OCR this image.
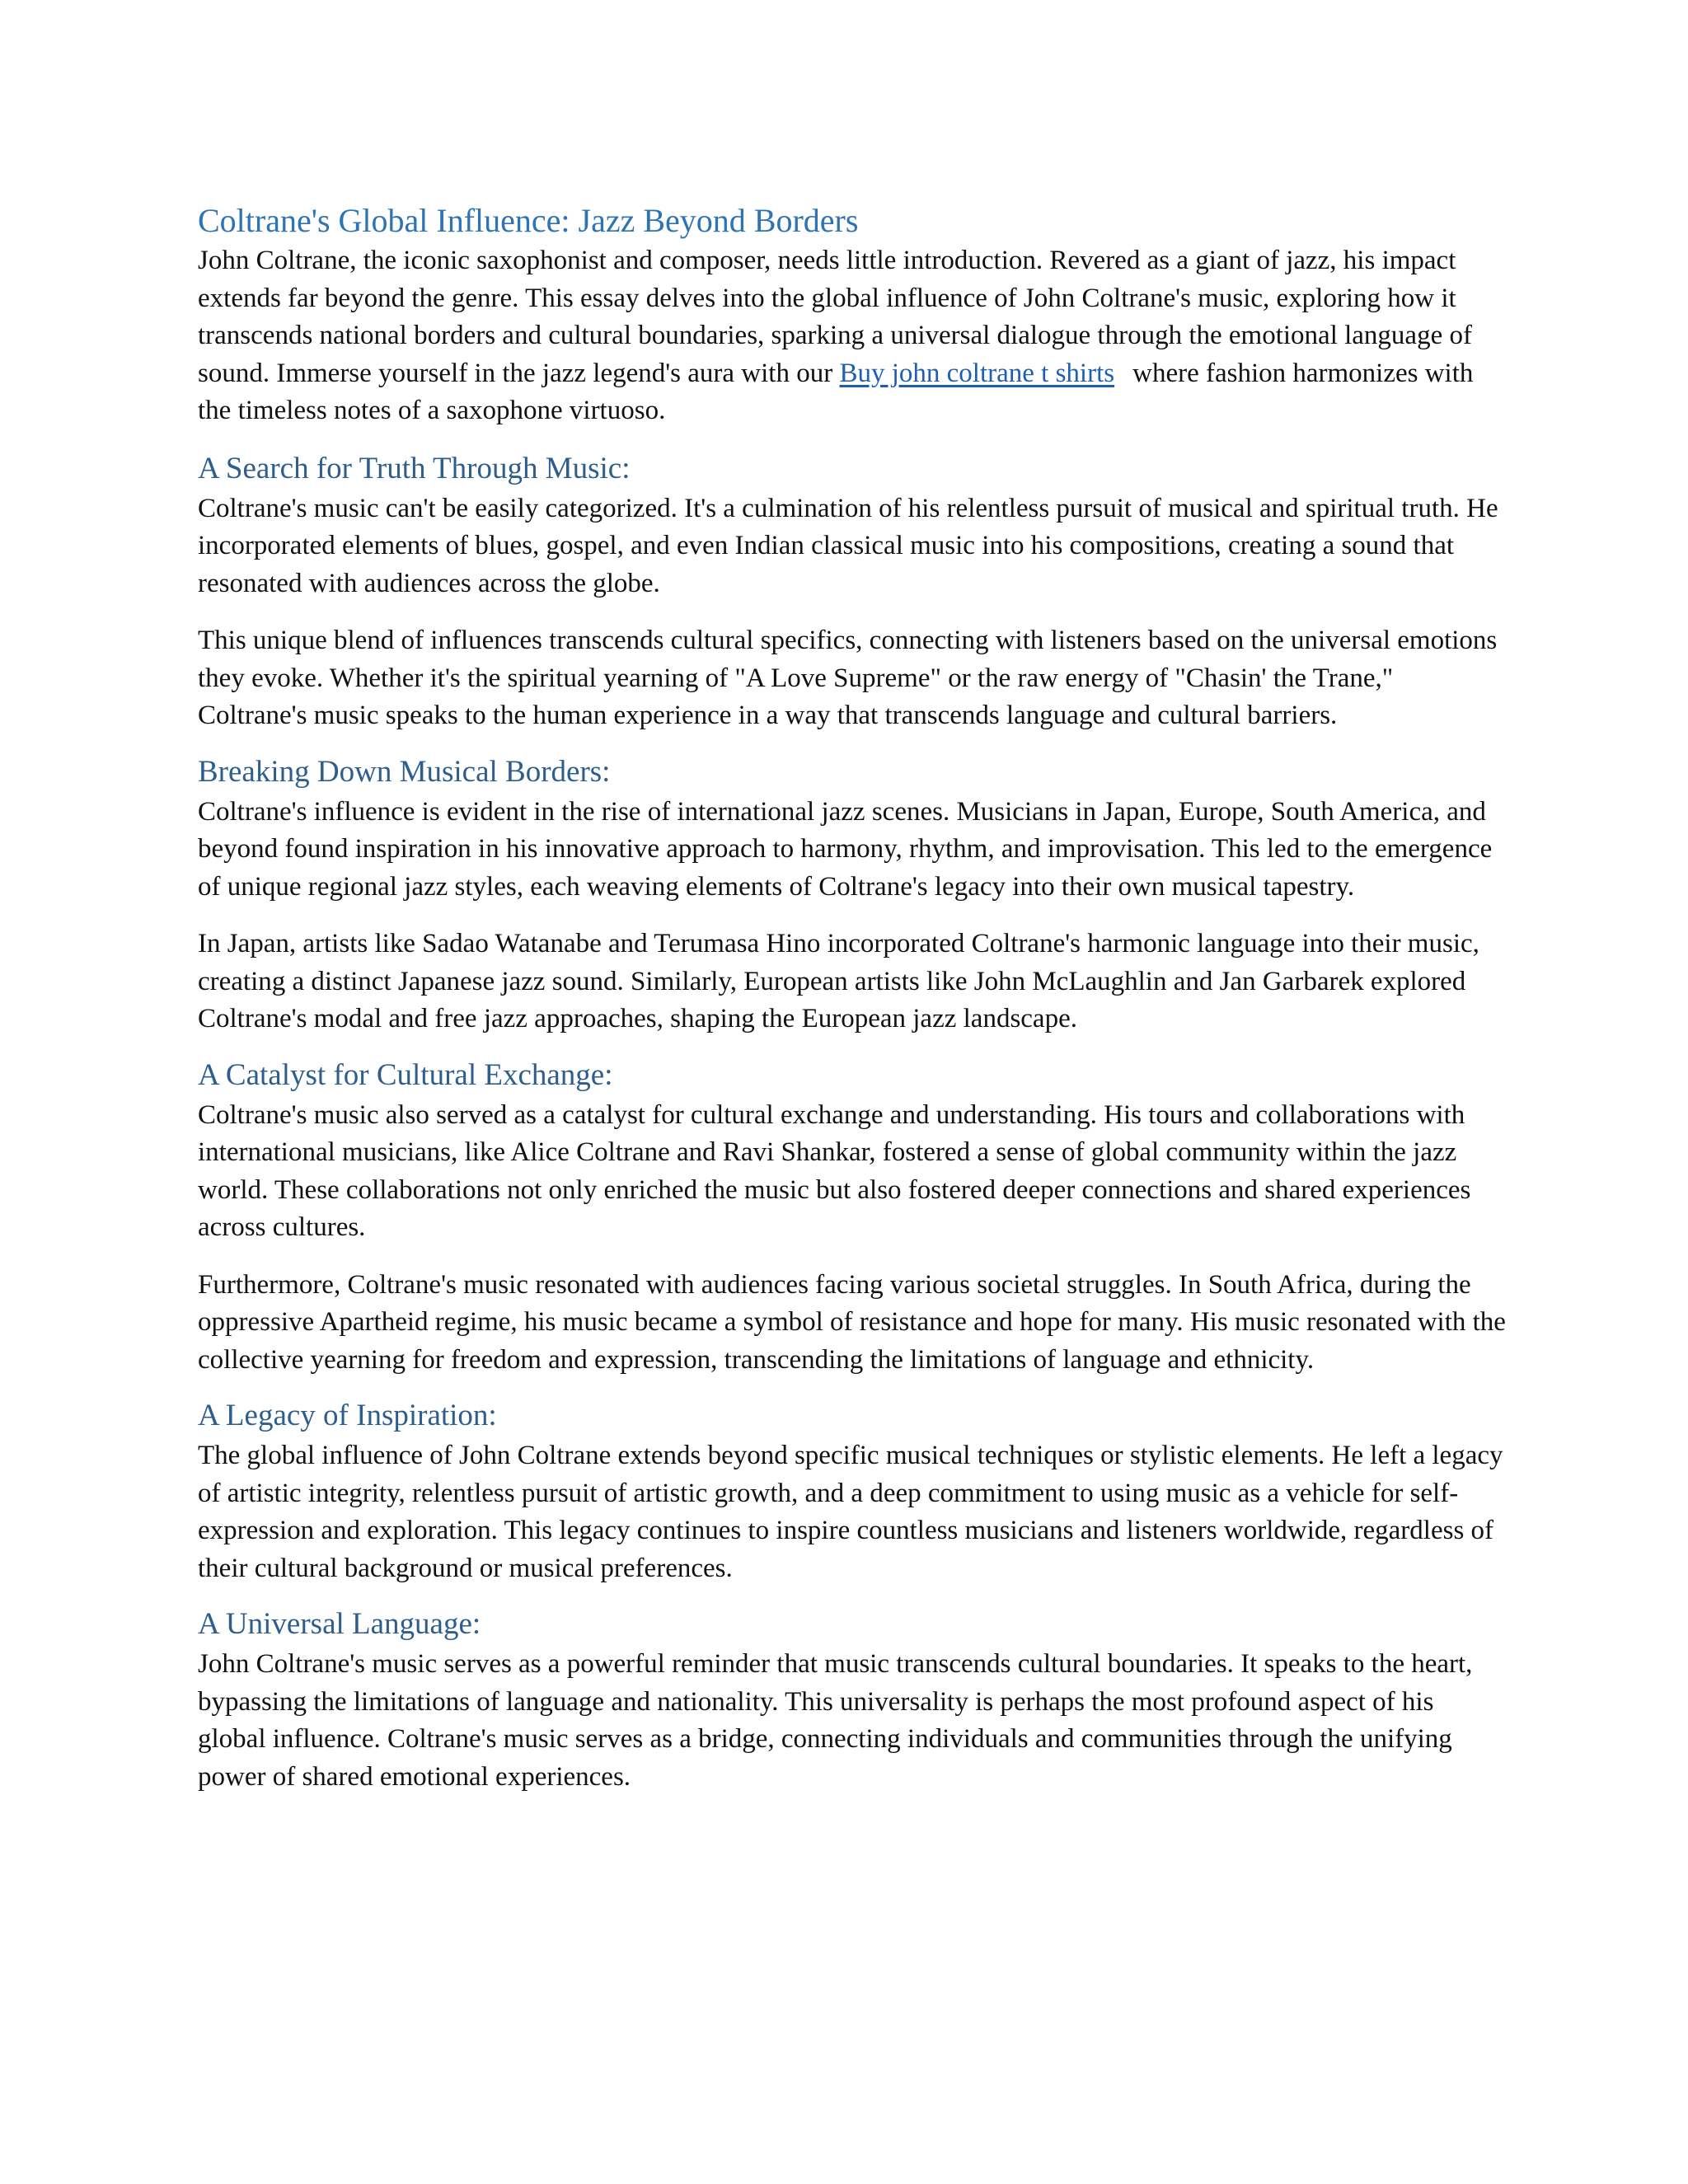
Coltrane's Global Influence: Jazz Beyond Borders

John Coltrane, the iconic saxophonist and composer, needs little introduction. Revered as a giant of jazz, his impact extends far beyond the genre. This essay delves into the global influence of John Coltrane's music, exploring how it transcends national borders and cultural boundaries, sparking a universal dialogue through the emotional language of sound. Immerse yourself in the jazz legend's aura with our Buy john coltrane t shirts where fashion harmonizes with the timeless notes of a saxophone virtuoso.

A Search for Truth Through Music:

Coltrane's music can't be easily categorized. It's a culmination of his relentless pursuit of musical and spiritual truth. He incorporated elements of blues, gospel, and even Indian classical music into his compositions, creating a sound that resonated with audiences across the globe.

This unique blend of influences transcends cultural specifics, connecting with listeners based on the universal emotions they evoke. Whether it's the spiritual yearning of "A Love Supreme" or the raw energy of "Chasin' the Trane," Coltrane's music speaks to the human experience in a way that transcends language and cultural barriers.

Breaking Down Musical Borders:

Coltrane's influence is evident in the rise of international jazz scenes. Musicians in Japan, Europe, South America, and beyond found inspiration in his innovative approach to harmony, rhythm, and improvisation. This led to the emergence of unique regional jazz styles, each weaving elements of Coltrane's legacy into their own musical tapestry.

In Japan, artists like Sadao Watanabe and Terumasa Hino incorporated Coltrane's harmonic language into their music, creating a distinct Japanese jazz sound. Similarly, European artists like John McLaughlin and Jan Garbarek explored Coltrane's modal and free jazz approaches, shaping the European jazz landscape.

A Catalyst for Cultural Exchange:

Coltrane's music also served as a catalyst for cultural exchange and understanding. His tours and collaborations with international musicians, like Alice Coltrane and Ravi Shankar, fostered a sense of global community within the jazz world. These collaborations not only enriched the music but also fostered deeper connections and shared experiences across cultures.

Furthermore, Coltrane's music resonated with audiences facing various societal struggles. In South Africa, during the oppressive Apartheid regime, his music became a symbol of resistance and hope for many. His music resonated with the collective yearning for freedom and expression, transcending the limitations of language and ethnicity.

A Legacy of Inspiration:

The global influence of John Coltrane extends beyond specific musical techniques or stylistic elements. He left a legacy of artistic integrity, relentless pursuit of artistic growth, and a deep commitment to using music as a vehicle for self-expression and exploration. This legacy continues to inspire countless musicians and listeners worldwide, regardless of their cultural background or musical preferences.

A Universal Language:

John Coltrane's music serves as a powerful reminder that music transcends cultural boundaries. It speaks to the heart, bypassing the limitations of language and nationality. This universality is perhaps the most profound aspect of his global influence. Coltrane's music serves as a bridge, connecting individuals and communities through the unifying power of shared emotional experiences.
